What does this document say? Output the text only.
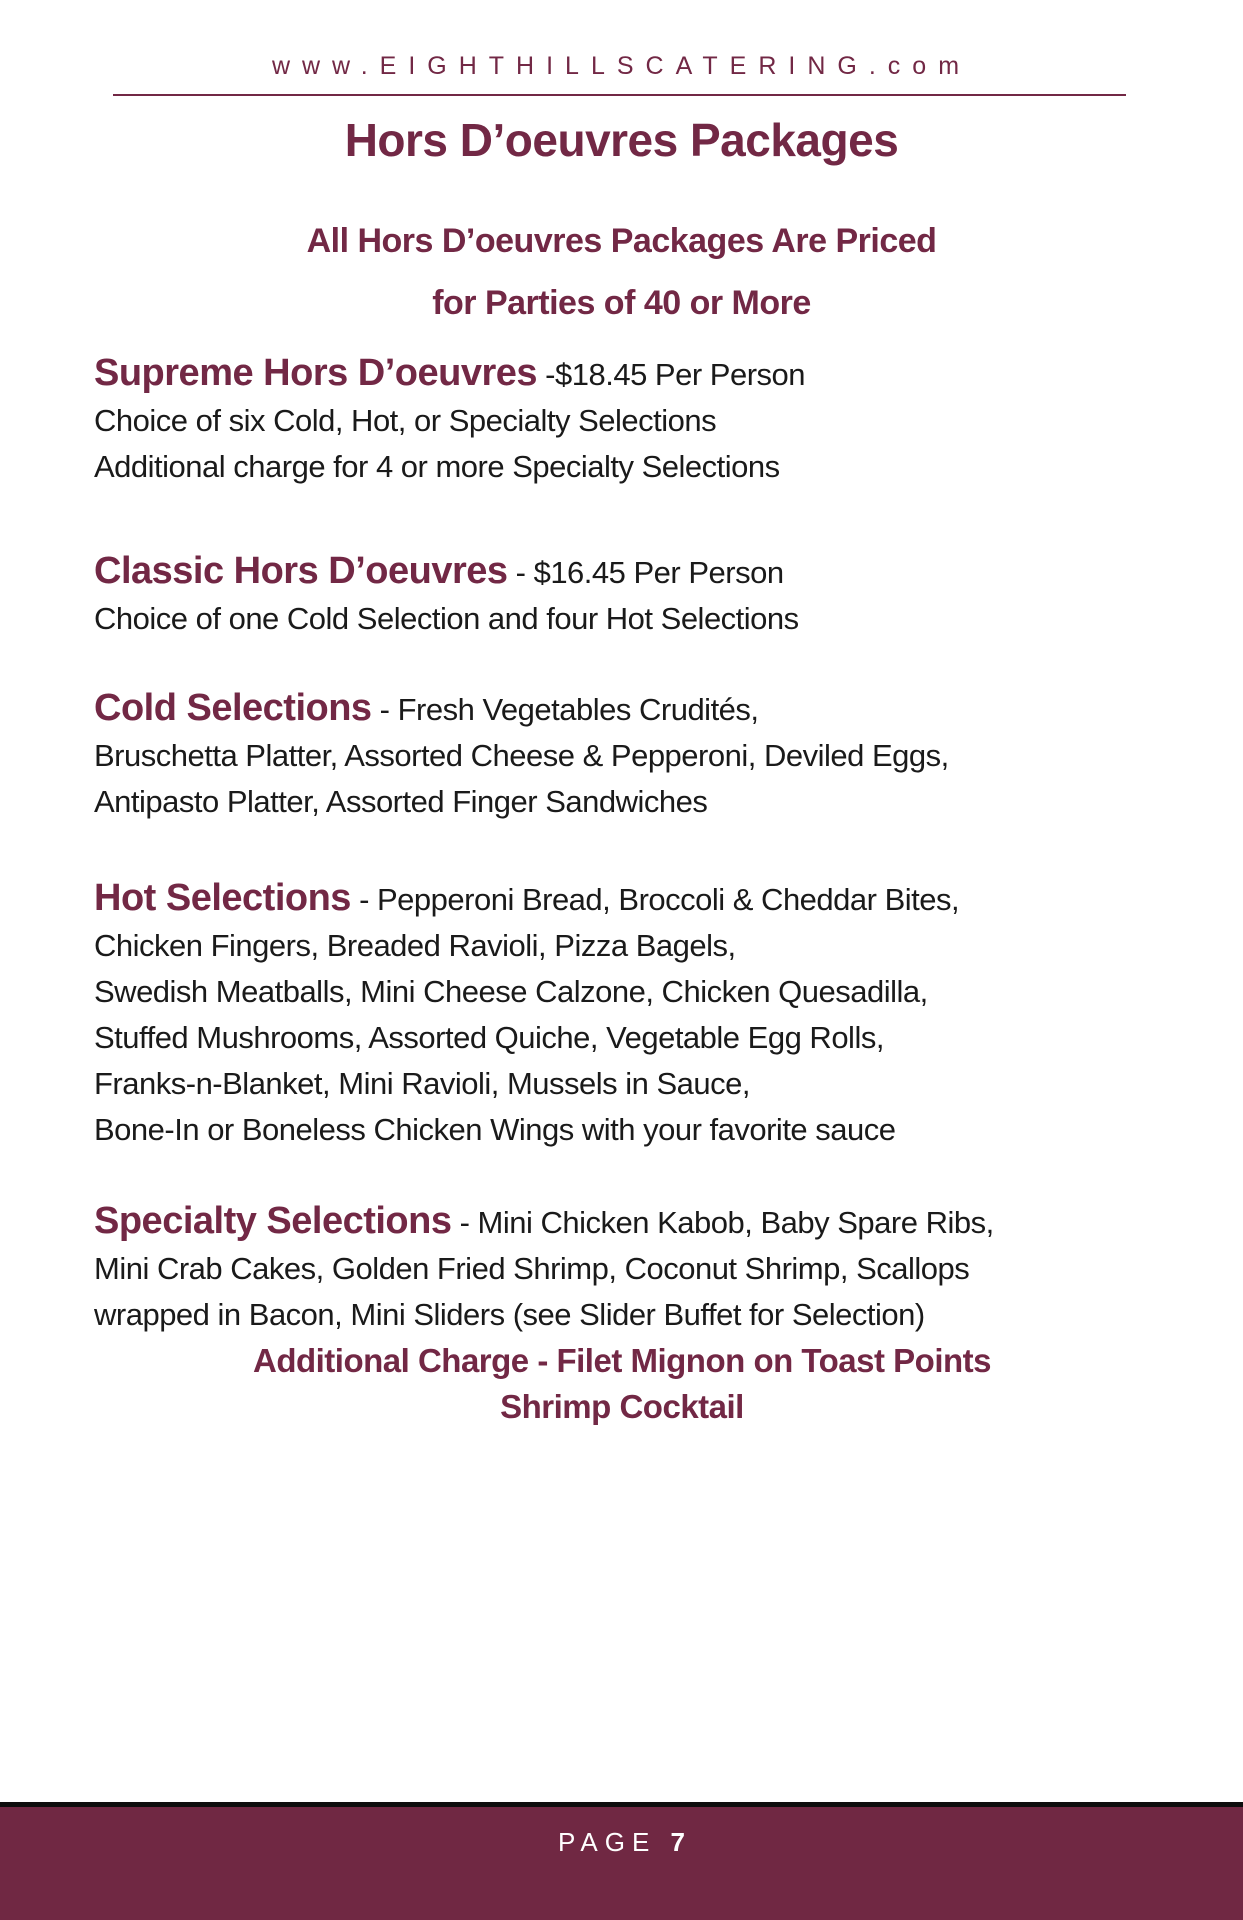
www.EIGHTHILLSCATERING.com
Hors D’oeuvres Packages
All Hors D’oeuvres Packages Are Priced
for Parties of 40 or More
Supreme Hors D’oeuvres -$18.45 Per Person
Choice of six Cold, Hot, or Specialty Selections
Additional charge for 4 or more Specialty Selections
Classic Hors D’oeuvres - $16.45 Per Person
Choice of one Cold Selection and four Hot Selections
Cold Selections - Fresh Vegetables Crudités,
Bruschetta Platter, Assorted Cheese & Pepperoni, Deviled Eggs,
Antipasto Platter, Assorted Finger Sandwiches
Hot Selections - Pepperoni Bread, Broccoli & Cheddar Bites,
Chicken Fingers, Breaded Ravioli, Pizza Bagels,
Swedish Meatballs, Mini Cheese Calzone, Chicken Quesadilla,
Stuffed Mushrooms, Assorted Quiche, Vegetable Egg Rolls,
Franks-n-Blanket, Mini Ravioli, Mussels in Sauce,
Bone-In or Boneless Chicken Wings with your favorite sauce
Specialty Selections - Mini Chicken Kabob, Baby Spare Ribs,
Mini Crab Cakes, Golden Fried Shrimp, Coconut Shrimp, Scallops
wrapped in Bacon, Mini Sliders (see Slider Buffet for Selection)
Additional Charge - Filet Mignon on Toast Points
Shrimp Cocktail
PAGE 7
